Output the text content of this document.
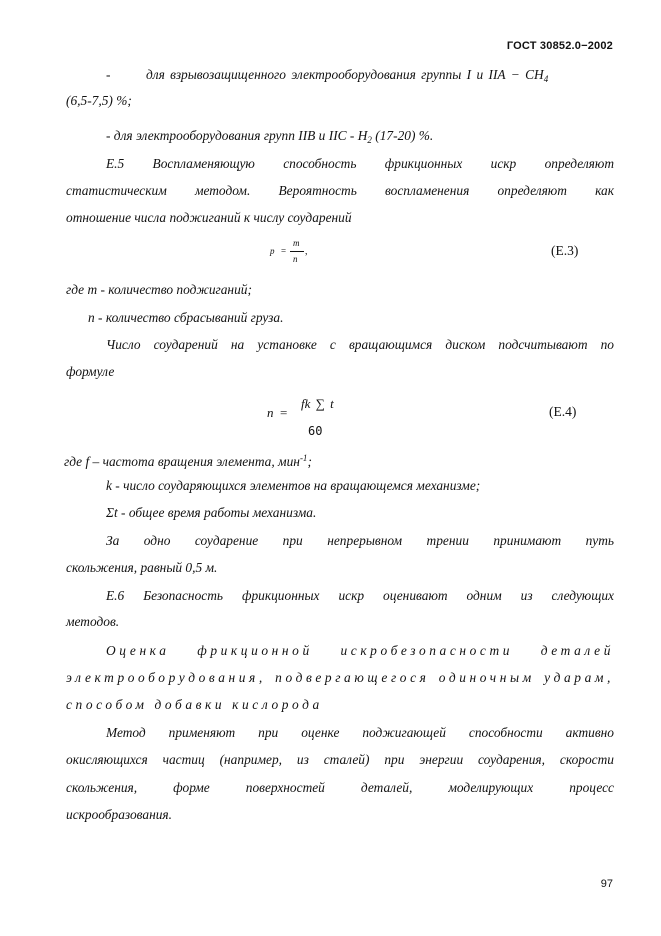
ГОСТ 30852.0−2002
-	для взрывозащищенного электрооборудования группы I и IIA − $CH_4$
(6,5-7,5) %;
- для электрооборудования групп IIB и IIC - $H_2$ (17-20) %.
Е.5 Воспламеняющую способность фрикционных искр определяют
статистическим методом. Вероятность воспламенения определяют как
отношение числа поджиганий к числу соударений
p =
m
n
,	(E.3)
где m - количество поджиганий;
n - количество сбрасываний груза.
Число соударений на установке с вращающимся диском подсчитывают по
формуле
n =
fk ∑ t
60
(E.4)
где f – частота вращения элемента, мин$^{-1}$;
k - число соударяющихся элементов на вращающемся механизме;
Σt - общее время работы механизма.
За одно соударение при непрерывном трении принимают путь
скольжения, равный 0,5 м.
Е.6 Безопасность фрикционных искр оценивают одним из следующих
методов.
Оценка фрикционной искробезопасности деталей
электрооборудования, подвергающегося одиночным ударам,
способом добавки кислорода
Метод применяют при оценке поджигающей способности активно
окисляющихся частиц (например, из сталей) при энергии соударения, скорости
скольжения, форме поверхностей деталей, моделирующих процесс
искрообразования.
97
